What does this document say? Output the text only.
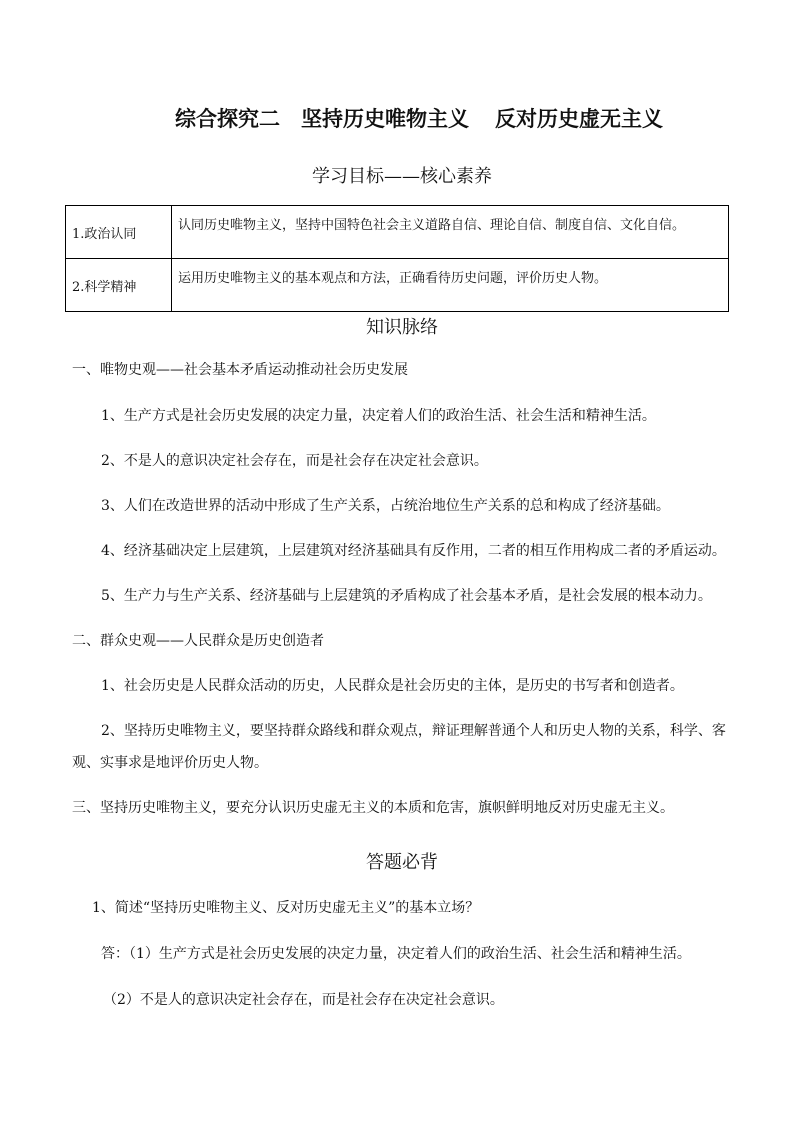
综合探究二　坚持历史唯物主义 反对历史虚无主义
学习目标——核心素养
1.政治认同	认同历史唯物主义，坚持中国特色社会主义道路自信、理论自信、制度自信、文化自信。
2.科学精神	运用历史唯物主义的基本观点和方法，正确看待历史问题，评价历史人物。
知识脉络
一、唯物史观——社会基本矛盾运动推动社会历史发展
1、生产方式是社会历史发展的决定力量，决定着人们的政治生活、社会生活和精神生活。
2、不是人的意识决定社会存在，而是社会存在决定社会意识。
3、人们在改造世界的活动中形成了生产关系，占统治地位生产关系的总和构成了经济基础。
4、经济基础决定上层建筑，上层建筑对经济基础具有反作用，二者的相互作用构成二者的矛盾运动。
5、生产力与生产关系、经济基础与上层建筑的矛盾构成了社会基本矛盾，是社会发展的根本动力。
二、群众史观——人民群众是历史创造者
1、社会历史是人民群众活动的历史，人民群众是社会历史的主体，是历史的书写者和创造者。
2、坚持历史唯物主义，要坚持群众路线和群众观点，辩证理解普通个人和历史人物的关系，科学、客
观、实事求是地评价历史人物。
三、坚持历史唯物主义，要充分认识历史虚无主义的本质和危害，旗帜鲜明地反对历史虚无主义。
答题必背
1、简述“坚持历史唯物主义、反对历史虚无主义”的基本立场？
答：（1）生产方式是社会历史发展的决定力量，决定着人们的政治生活、社会生活和精神生活。
（2）不是人的意识决定社会存在，而是社会存在决定社会意识。
